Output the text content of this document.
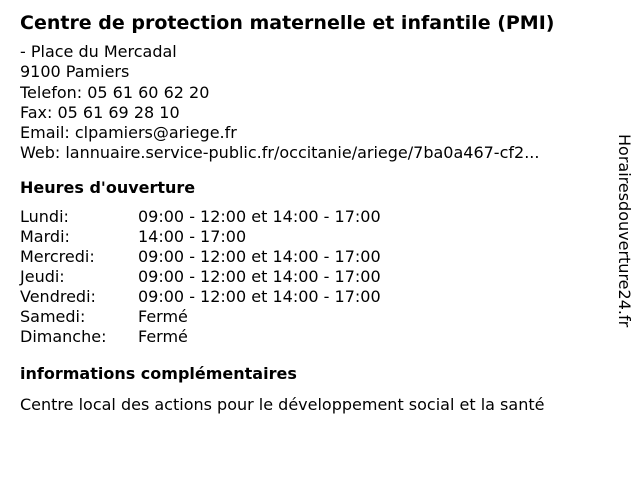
Centre de protection maternelle et infantile (PMI)
- Place du Mercadal
9100 Pamiers
Telefon: 05 61 60 62 20
Fax: 05 61 69 28 10
Email: clpamiers@ariege.fr
Web: lannuaire.service-public.fr/occitanie/ariege/7ba0a467-cf2...
Heures d'ouverture
Lundi:	09:00 - 12:00 et 14:00 - 17:00
Mardi:	14:00 - 17:00
Mercredi:	09:00 - 12:00 et 14:00 - 17:00
Jeudi:	09:00 - 12:00 et 14:00 - 17:00
Vendredi:	09:00 - 12:00 et 14:00 - 17:00
Samedi:	Fermé
Dimanche:	Fermé
informations complémentaires
Centre local des actions pour le développement social et la santé
Horairesdouverture24.fr
